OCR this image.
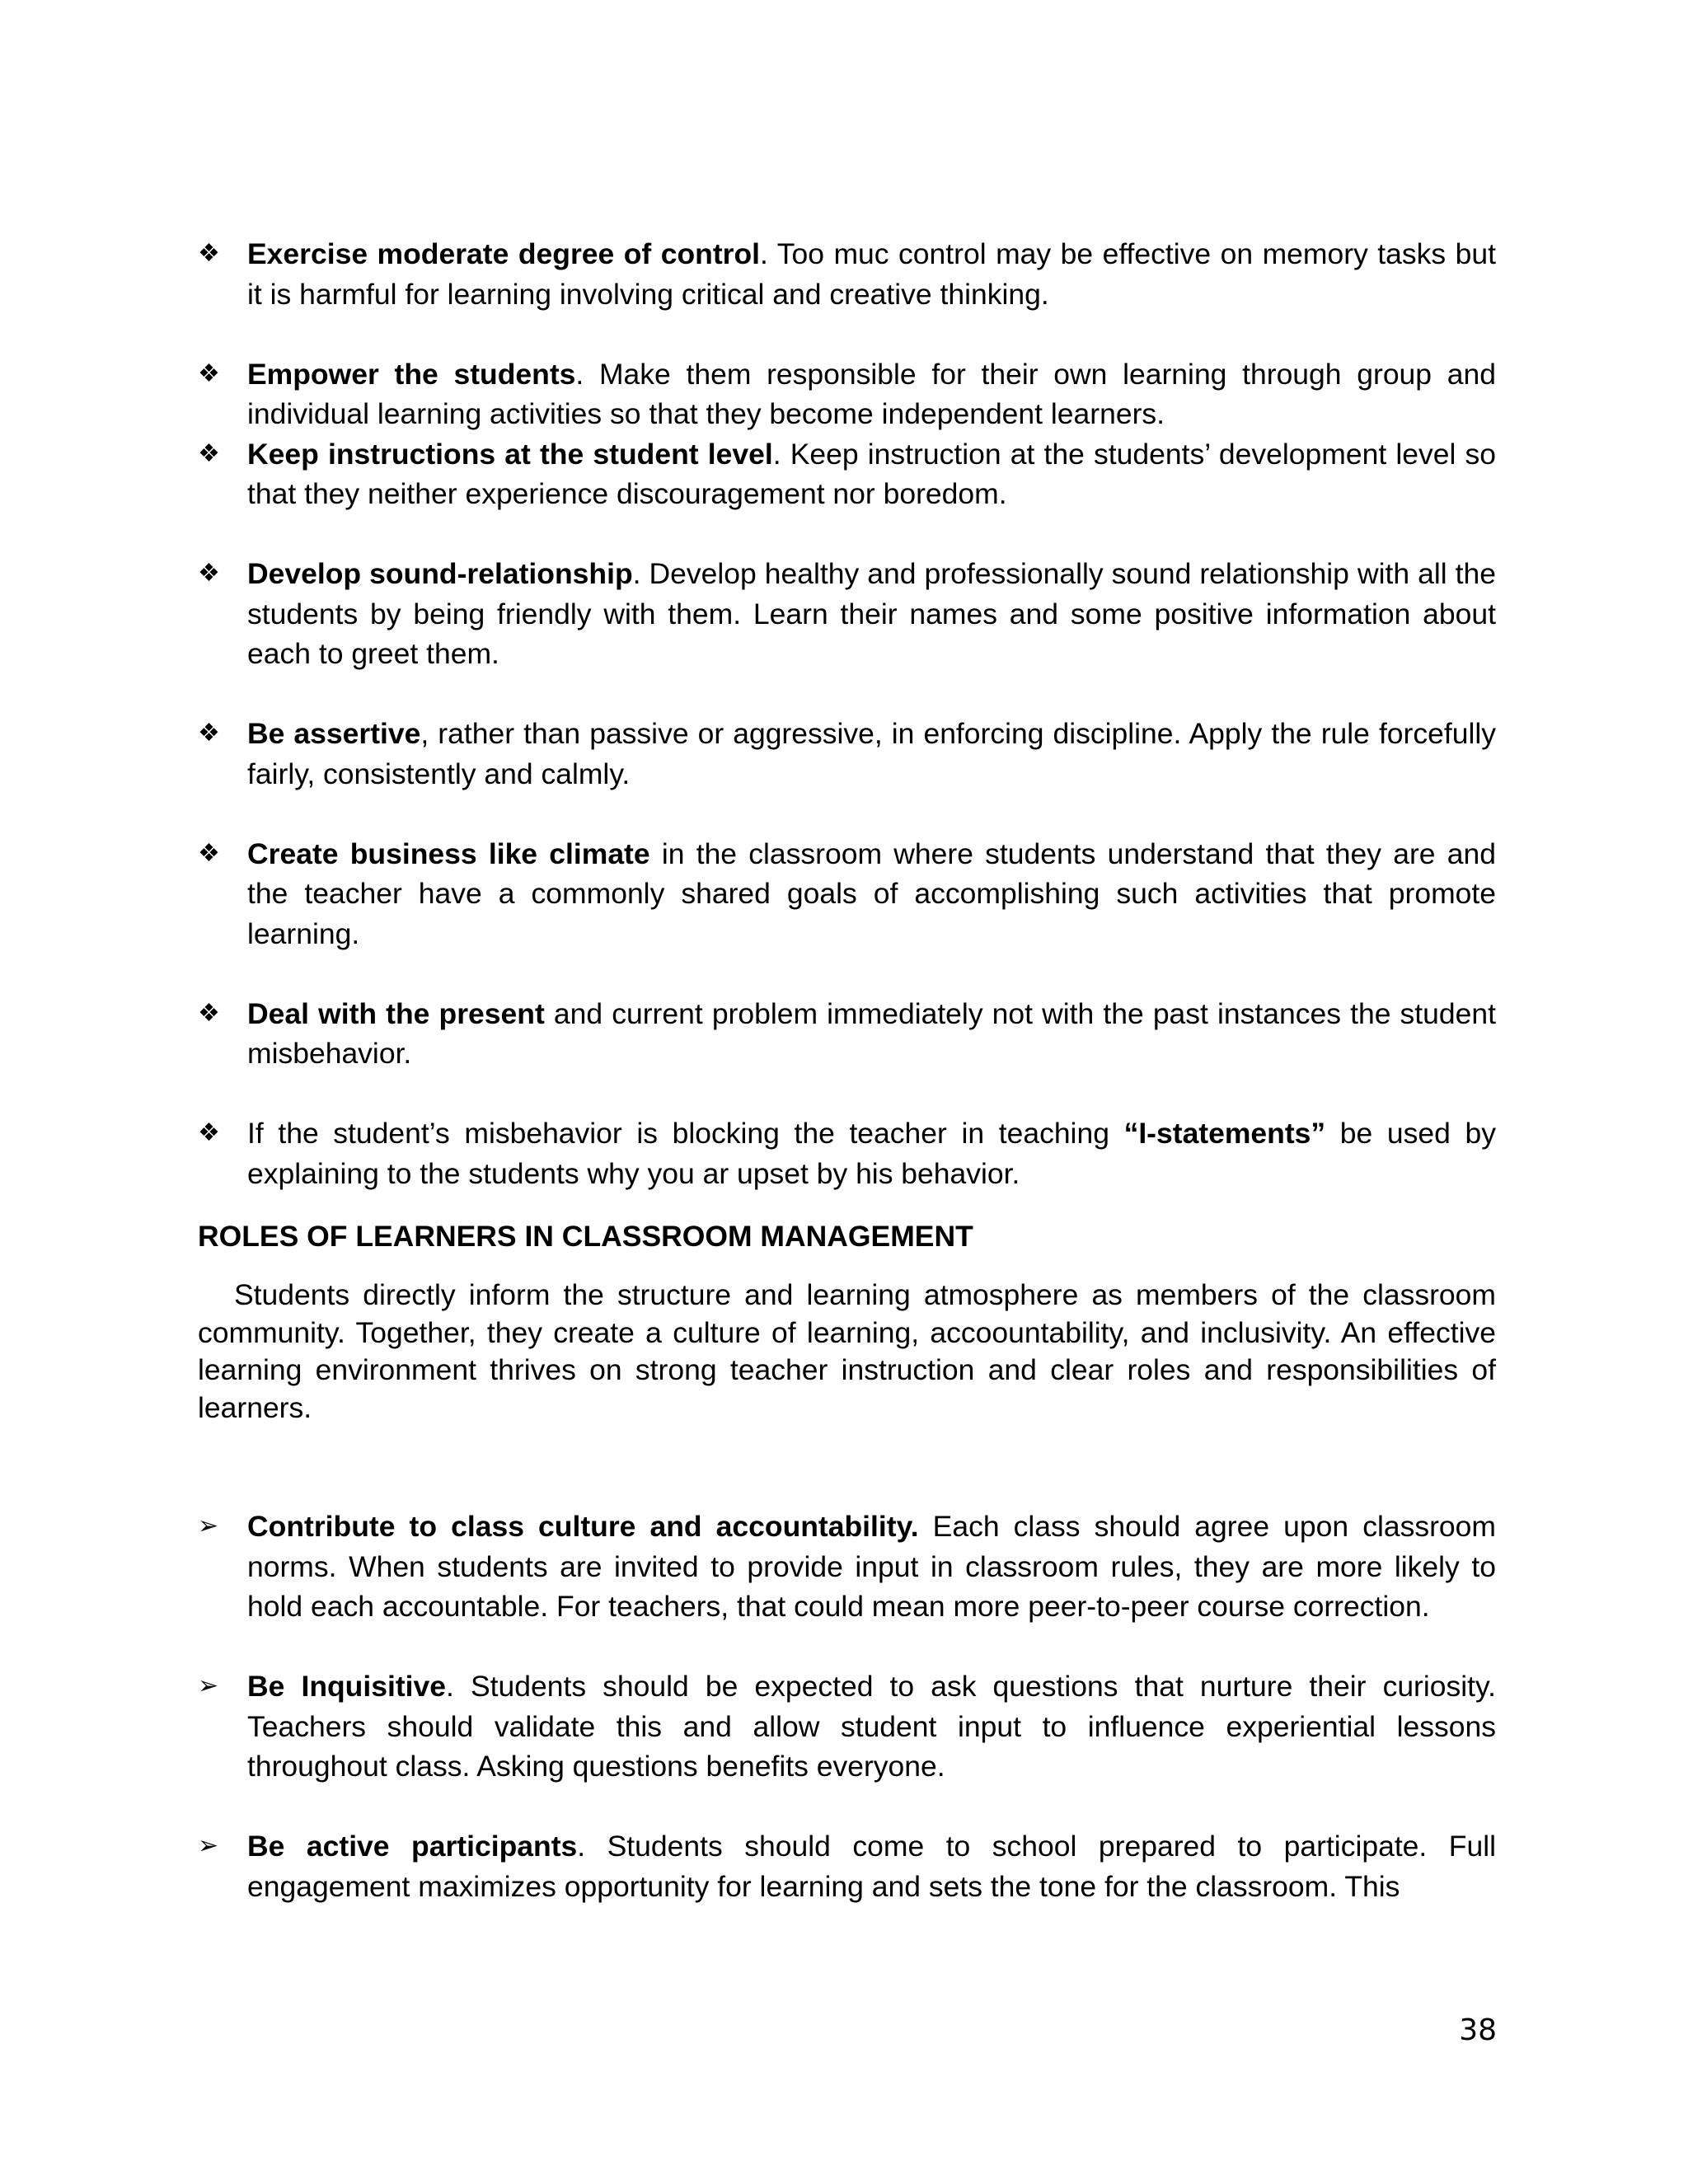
❖ Exercise moderate degree of control. Too muc control may be effective on memory tasks but it is harmful for learning involving critical and creative thinking.
❖ Empower the students. Make them responsible for their own learning through group and individual learning activities so that they become independent learners.
❖ Keep instructions at the student level. Keep instruction at the students’ development level so that they neither experience discouragement nor boredom.
❖ Develop sound-relationship. Develop healthy and professionally sound relationship with all the students by being friendly with them. Learn their names and some positive information about each to greet them.
❖ Be assertive, rather than passive or aggressive, in enforcing discipline. Apply the rule forcefully fairly, consistently and calmly.
❖ Create business like climate in the classroom where students understand that they are and the teacher have a commonly shared goals of accomplishing such activities that promote learning.
❖ Deal with the present and current problem immediately not with the past instances the student misbehavior.
❖ If the student’s misbehavior is blocking the teacher in teaching “I-statements” be used by explaining to the students why you ar upset by his behavior.
ROLES OF LEARNERS IN CLASSROOM MANAGEMENT
Students directly inform the structure and learning atmosphere as members of the classroom community. Together, they create a culture of learning, accoountability, and inclusivity. An effective learning environment thrives on strong teacher instruction and clear roles and responsibilities of learners.
➢ Contribute to class culture and accountability. Each class should agree upon classroom norms. When students are invited to provide input in classroom rules, they are more likely to hold each accountable. For teachers, that could mean more peer-to-peer course correction.
➢ Be Inquisitive. Students should be expected to ask questions that nurture their curiosity. Teachers should validate this and allow student input to influence experiential lessons throughout class. Asking questions benefits everyone.
➢ Be active participants. Students should come to school prepared to participate. Full engagement maximizes opportunity for learning and sets the tone for the classroom. This
38
